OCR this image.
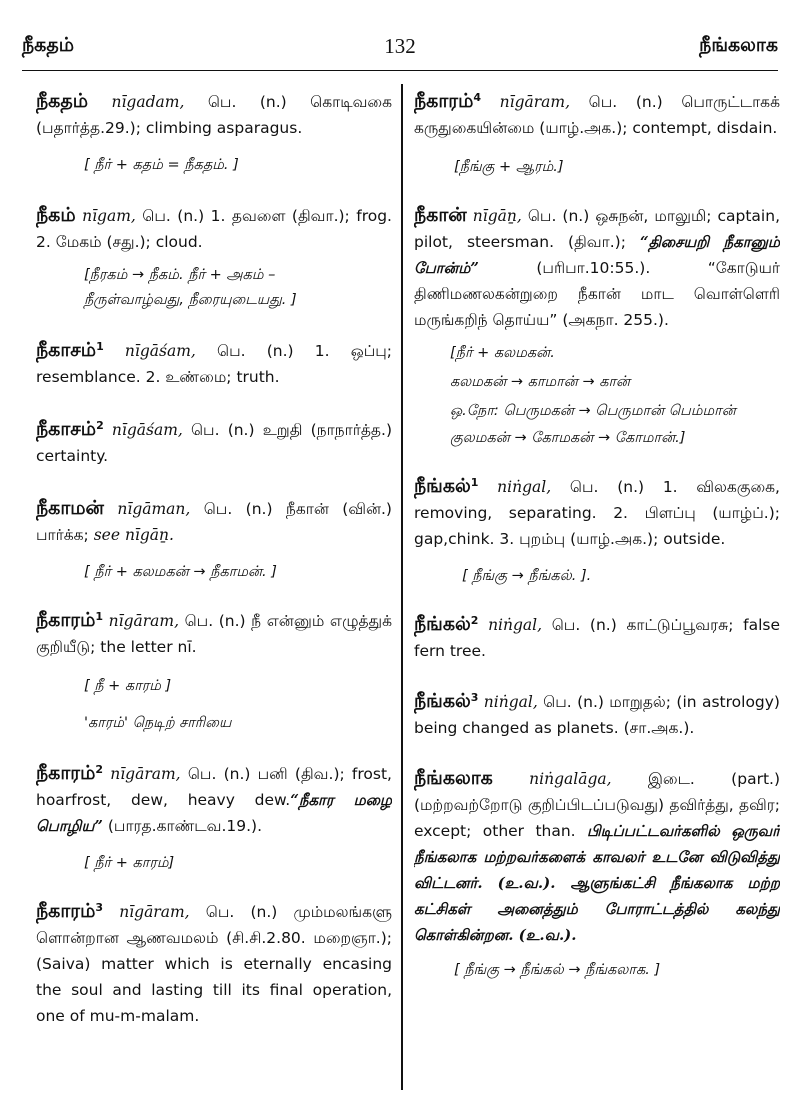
நீகதம்	132	நீங்கலாக
நீகதம் nīgadam, பெ. (n.) கொடிவகை (பதார்த்த.29.); climbing asparagus.

[ நீர் + கதம் = நீகதம். ]

நீகம் nīgam, பெ. (n.) 1. தவளை (திவா.); frog. 2. மேகம் (சது.); cloud.

[நீரகம் → நீகம். நீர் + அகம் –

நீருள்வாழ்வது, நீரையுடையது. ]

நீகாசம்$^1$ nīgāśam, பெ. (n.) 1. ஒப்பு; resemblance. 2. உண்மை; truth.
நீகாசம்$^2$ nīgāśam, பெ. (n.) உறுதி (நாநார்த்த.) certainty.
நீகாமன் nīgāman, பெ. (n.) நீகான் (வின்.) பார்க்க; see nīgāṉ.

[ நீர் + கலமகன் → நீகாமன். ]

நீகாரம்$^1$ nīgāram, பெ. (n.) நீ என்னும் எழுத்துக் குறியீடு; the letter nī.

[ நீ + காரம் ]

'காரம்' நெடிற் சாரியை

நீகாரம்$^2$ nīgāram, பெ. (n.) பனி (திவ.); frost, hoarfrost, dew, heavy dew.“நீகார மழை பொழிய” (பாரத.காண்டவ.19.).

[ நீர் + காரம்]

நீகாரம்$^3$ nīgāram, பெ. (n.) மும்மலங்களு ளொன்றான ஆணவமலம் (சி.சி.2.80. மறைஞா.); (Saiva) matter which is eternally encasing the soul and lasting till its final operation, one of mu-m-malam.
நீகாரம்$^4$ nīgāram, பெ. (n.) பொருட்டாகக் கருதுகையின்மை (யாழ்.அக.); contempt, disdain.

[நீங்கு + ஆரம்.]

நீகான் nīgāṉ, பெ. (n.) ஒசுநன், மாலுமி; captain, pilot, steersman. (திவா.); “திசையறி நீகானும் போன்ம்” (பரிபா.10:55.). “கோடுயர் திணிமணலகன்றுறை நீகான் மாட வொள்ளெரி மருங்கறிந் தொய்ய” (அகநா. 255.).

[நீர் + கலமகன்.

கலமகன் → காமான் → கான்

ஒ.நோ: பெருமகன் → பெருமான் பெம்மான்

குலமகன் → கோமகன் → கோமான்.]

நீங்கல்$^1$ niṅgal, பெ. (n.) 1. விலககுகை, removing, separating. 2. பிளப்பு (யாழ்ப்.); gap,chink. 3. புறம்பு (யாழ்.அக.); outside.

[ நீங்கு → நீங்கல். ].

நீங்கல்$^2$ niṅgal, பெ. (n.) காட்டுப்பூவரசு; false fern tree.
நீங்கல்$^3$ niṅgal, பெ. (n.) மாறுதல்; (in astrology) being changed as planets. (சா.அக.).
நீங்கலாக niṅgalāga, இடை. (part.) (மற்றவற்றோடு குறிப்பிடப்படுவது) தவிர்த்து, தவிர; except; other than. பிடிப்பட்டவர்களில் ஒருவர் நீங்கலாக மற்றவர்களைக் காவலர் உடனே விடுவித்து விட்டனர். (உ.வ.). ஆளுங்கட்சி நீங்கலாக மற்ற கட்சிகள் அனைத்தும் போராட்டத்தில் கலந்து கொள்கின்றன. (உ.வ.).

[ நீங்கு → நீங்கல் → நீங்கலாக. ]
